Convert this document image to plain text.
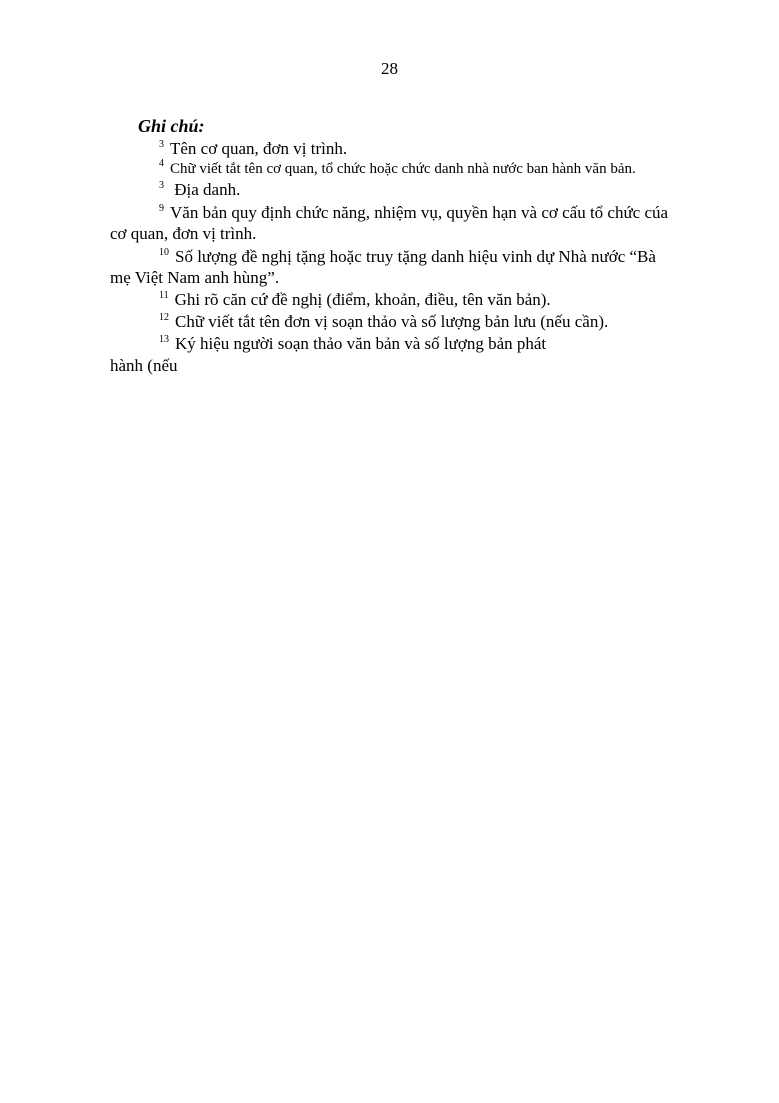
28
Ghi chú:
$^3$ Tên cơ quan, đơn vị trình.
$^4$ Chữ viết tắt tên cơ quan, tổ chức hoặc chức danh nhà nước ban hành văn bản.
$^3$ Địa danh.
$^9$ Văn bản quy định chức năng, nhiệm vụ, quyền hạn và cơ cấu tổ chức cúa
cơ quan, đơn vị trình.
$^{10}$ Số lượng đề nghị tặng hoặc truy tặng danh hiệu vinh dự Nhà nước “Bà
mẹ Việt Nam anh hùng”.
$^{11}$ Ghi rõ căn cứ đề nghị (điểm, khoản, điều, tên văn bản).
$^{12}$ Chữ viết tắt tên đơn vị soạn thảo và số lượng bản lưu (nếu cần).
$^{13}$ Ký hiệu người soạn thảo văn bản và số lượng bản phát
hành (nếu
